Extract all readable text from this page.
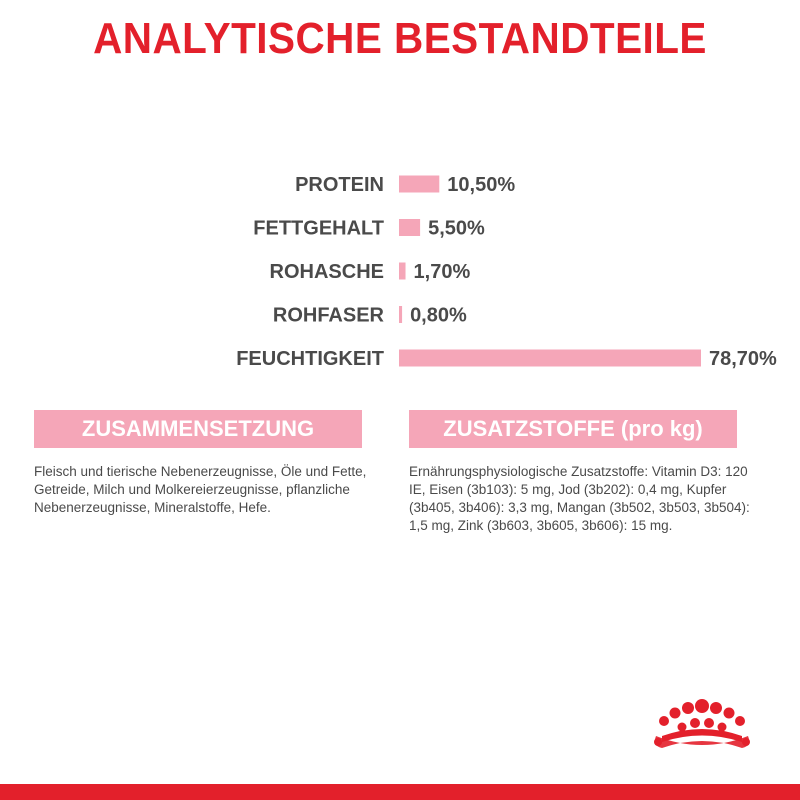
ANALYTISCHE BESTANDTEILE
PROTEIN	10,50%
FETTGEHALT 5,50%
ROHASCHE 1,70%
ROHFASER 0,80%
FEUCHTIGKEIT	78,70%
ZUSAMMENSETZUNG
Fleisch und tierische Nebenerzeugnisse, Öle und Fette, Getreide, Milch und Molkereierzeugnisse, pflanzliche Nebenerzeugnisse, Mineralstoffe, Hefe.
ZUSATZSTOFFE (pro kg)
Ernährungsphysiologische Zusatzstoffe: Vitamin D3: 120 IE, Eisen (3b103): 5 mg, Jod (3b202): 0,4 mg, Kupfer (3b405, 3b406): 3,3 mg, Mangan (3b502, 3b503, 3b504): 1,5 mg, Zink (3b603, 3b605, 3b606): 15 mg.
